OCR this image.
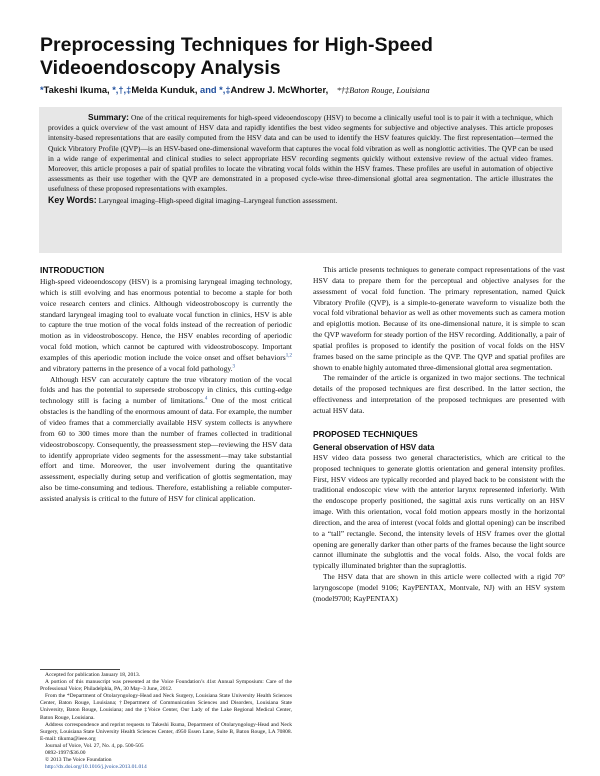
Preprocessing Techniques for High-Speed Videoendoscopy Analysis
*Takeshi Ikuma, *,†,‡Melda Kunduk, and *,‡Andrew J. McWhorter, *†‡Baton Rouge, Louisiana
Summary: One of the critical requirements for high-speed videoendoscopy (HSV) to become a clinically useful tool is to pair it with a technique, which provides a quick overview of the vast amount of HSV data and rapidly identifies the best video segments for subjective and objective analyses. This article proposes intensity-based representations that are easily computed from the HSV data and can be used to identify the HSV features quickly. The first representation—termed the Quick Vibratory Profile (QVP)—is an HSV-based one-dimensional waveform that captures the vocal fold vibration as well as nonglottic activities. The QVP can be used in a wide range of experimental and clinical studies to select appropriate HSV recording segments quickly without extensive review of the actual video frames. Moreover, this article proposes a pair of spatial profiles to locate the vibrating vocal folds within the HSV frames. These profiles are useful in automation of objective assessments as their use together with the QVP are demonstrated in a proposed cycle-wise three-dimensional glottal area segmentation. The article illustrates the usefulness of these proposed representations with examples.
Key Words: Laryngeal imaging–High-speed digital imaging–Laryngeal function assessment.
INTRODUCTION

High-speed videoendoscopy (HSV) is a promising laryngeal imaging technology, which is still evolving and has enormous potential to become a staple for both voice research centers and clinics. Although videostroboscopy is currently the standard laryngeal imaging tool to evaluate vocal function in clinics, HSV is able to capture the true motion of the vocal folds instead of the recreation of periodic motion as in videostroboscopy. Hence, the HSV enables recording of aperiodic vocal fold motion, which cannot be captured with videostroboscopy. Important examples of this aperiodic motion include the voice onset and offset behaviors$^{1,2}$ and vibratory patterns in the presence of a vocal fold pathology.$^3$

Although HSV can accurately capture the true vibratory motion of the vocal folds and has the potential to supersede stroboscopy in clinics, this cutting-edge technology still is facing a number of limitations.$^4$ One of the most critical obstacles is the handling of the enormous amount of data. For example, the number of video frames that a commercially available HSV system collects is anywhere from 60 to 300 times more than the number of frames collected in traditional videostroboscopy. Consequently, the preassessment step—reviewing the HSV data to identify appropriate video segments for the assessment—may take substantial effort and time. Moreover, the user involvement during the quantitative assessment, especially during setup and verification of glottis segmentation, may also be time-consuming and tedious. Therefore, establishing a reliable computer-assisted analysis is critical to the future of HSV for clinical application.

This article presents techniques to generate compact representations of the vast HSV data to prepare them for the perceptual and objective analyses for the assessment of vocal fold function. The primary representation, named Quick Vibratory Profile (QVP), is a simple-to-generate waveform to visualize both the vocal fold vibrational behavior as well as other movements such as camera motion and epiglottis motion. Because of its one-dimensional nature, it is simple to scan the QVP waveform for steady portion of the HSV recording. Additionally, a pair of spatial profiles is proposed to identify the position of vocal folds on the HSV frames based on the same principle as the QVP. The QVP and spatial profiles are shown to enable highly automated three-dimensional glottal area segmentation.

The remainder of the article is organized in two major sections. The technical details of the proposed techniques are first described. In the latter section, the effectiveness and interpretation of the proposed techniques are presented with actual HSV data.

PROPOSED TECHNIQUES
General observation of HSV data

HSV video data possess two general characteristics, which are critical to the proposed techniques to generate glottis orientation and general intensity profiles. First, HSV videos are typically recorded and played back to be consistent with the traditional endoscopic view with the anterior larynx represented inferiorly. With the endoscope properly positioned, the sagittal axis runs vertically on an HSV image. With this orientation, vocal fold motion appears mostly in the horizontal direction, and the area of interest (vocal folds and glottal opening) can be inscribed to a “tall” rectangle. Second, the intensity levels of HSV frames over the glottal opening are generally darker than other parts of the frames because the light source cannot illuminate the subglottis and the vocal folds. Also, the vocal folds are typically illuminated brighter than the supraglottis.

The HSV data that are shown in this article were collected with a rigid 70° laryngoscope (model 9106; KayPENTAX, Montvale, NJ) with an HSV system (model9700; KayPENTAX)

Accepted for publication January 18, 2013.
A portion of this manuscript was presented at the Voice Foundation’s 41st Annual Symposium: Care of the Professional Voice; Philadelphia, PA, 30 May–3 June, 2012.
From the *Department of Otolaryngology-Head and Neck Surgery, Louisiana State University Health Sciences Center, Baton Rouge, Louisiana; †Department of Communication Sciences and Disorders, Louisiana State University, Baton Rouge, Louisiana; and the ‡Voice Center, Our Lady of the Lake Regional Medical Center, Baton Rouge, Louisiana.
Address correspondence and reprint requests to Takeshi Ikuma, Department of Otolaryngology-Head and Neck Surgery, Louisiana State University Health Sciences Center, 4950 Essen Lane, Suite B, Baton Rouge, LA 70808. E-mail: tikuma@ieee.org
Journal of Voice, Vol. 27, No. 4, pp. 500-505
0892-1997/$36.00
© 2013 The Voice Foundation
http://dx.doi.org/10.1016/j.jvoice.2013.01.014
